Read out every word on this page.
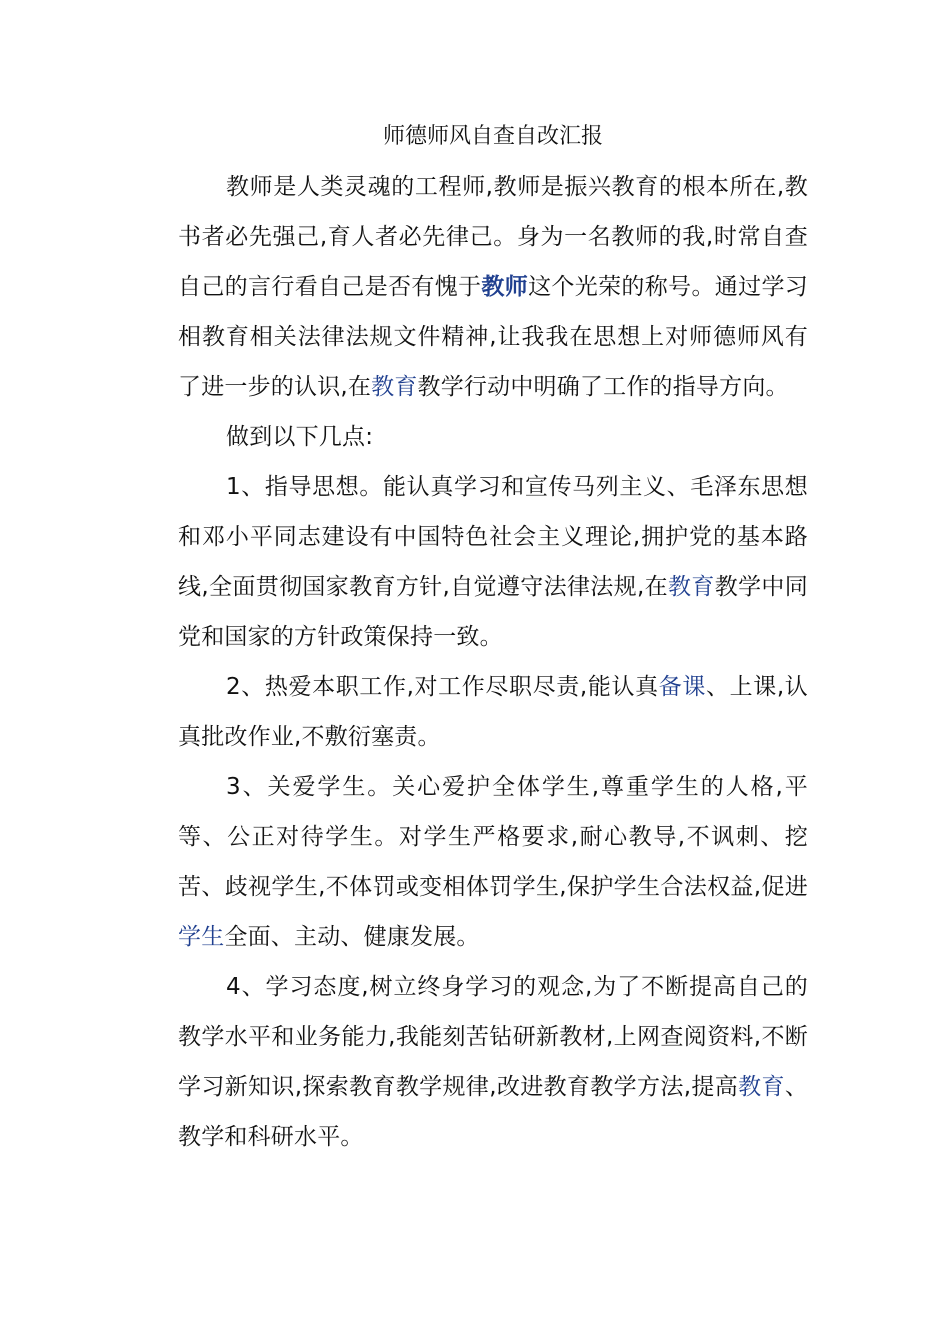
师德师风自查自改汇报

教师是人类灵魂的工程师,教师是振兴教育的根本所在,教书者必先强己,育人者必先律己。身为一名教师的我,时常自查自己的言行看自己是否有愧于教师这个光荣的称号。通过学习相教育相关法律法规文件精神,让我我在思想上对师德师风有了进一步的认识,在教育教学行动中明确了工作的指导方向。

做到以下几点:

1、指导思想。能认真学习和宣传马列主义、毛泽东思想和邓小平同志建设有中国特色社会主义理论,拥护党的基本路线,全面贯彻国家教育方针,自觉遵守法律法规,在教育教学中同党和国家的方针政策保持一致。

2、热爱本职工作,对工作尽职尽责,能认真备课、上课,认真批改作业,不敷衍塞责。

3、关爱学生。关心爱护全体学生,尊重学生的人格,平等、公正对待学生。对学生严格要求,耐心教导,不讽刺、挖苦、歧视学生,不体罚或变相体罚学生,保护学生合法权益,促进学生全面、主动、健康发展。

4、学习态度,树立终身学习的观念,为了不断提高自己的教学水平和业务能力,我能刻苦钻研新教材,上网查阅资料,不断学习新知识,探索教育教学规律,改进教育教学方法,提高教育、教学和科研水平。
